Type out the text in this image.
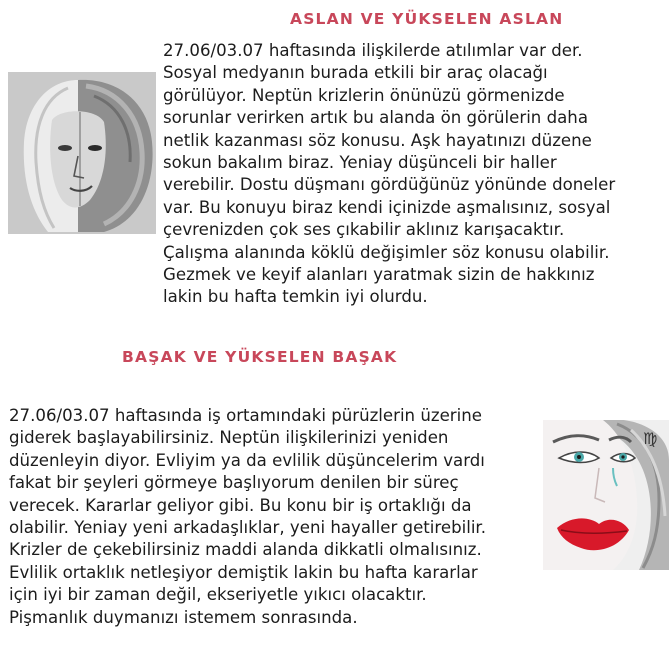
ASLAN VE YÜKSELEN ASLAN
27.06/03.07 haftasında ilişkilerde atılımlar var der.
Sosyal medyanın burada etkili bir araç olacağı
görülüyor. Neptün krizlerin önünüzü görmenizde
sorunlar verirken artık bu alanda ön görülerin daha
netlik kazanması söz konusu. Aşk hayatınızı düzene
sokun bakalım biraz. Yeniay düşünceli bir haller
verebilir. Dostu düşmanı gördüğünüz yönünde doneler
var. Bu konuyu biraz kendi içinizde aşmalısınız, sosyal
çevrenizden çok ses çıkabilir aklınız karışacaktır.
Çalışma alanında köklü değişimler söz konusu olabilir.
Gezmek ve keyif alanları yaratmak sizin de hakkınız
lakin bu hafta temkin iyi olurdu.
BAŞAK VE YÜKSELEN BAŞAK
27.06/03.07 haftasında iş ortamındaki pürüzlerin üzerine
giderek başlayabilirsiniz. Neptün ilişkilerinizi yeniden
düzenleyin diyor. Evliyim ya da evlilik düşüncelerim vardı
fakat bir şeyleri görmeye başlıyorum denilen bir süreç
verecek. Kararlar geliyor gibi. Bu konu bir iş ortaklığı da
olabilir. Yeniay yeni arkadaşlıklar, yeni hayaller getirebilir.
Krizler de çekebilirsiniz maddi alanda dikkatli olmalısınız.
Evlilik ortaklık netleşiyor demiştik lakin bu hafta kararlar
için iyi bir zaman değil, ekseriyetle yıkıcı olacaktır.
Pişmanlık duymanızı istemem sonrasında.
♍
